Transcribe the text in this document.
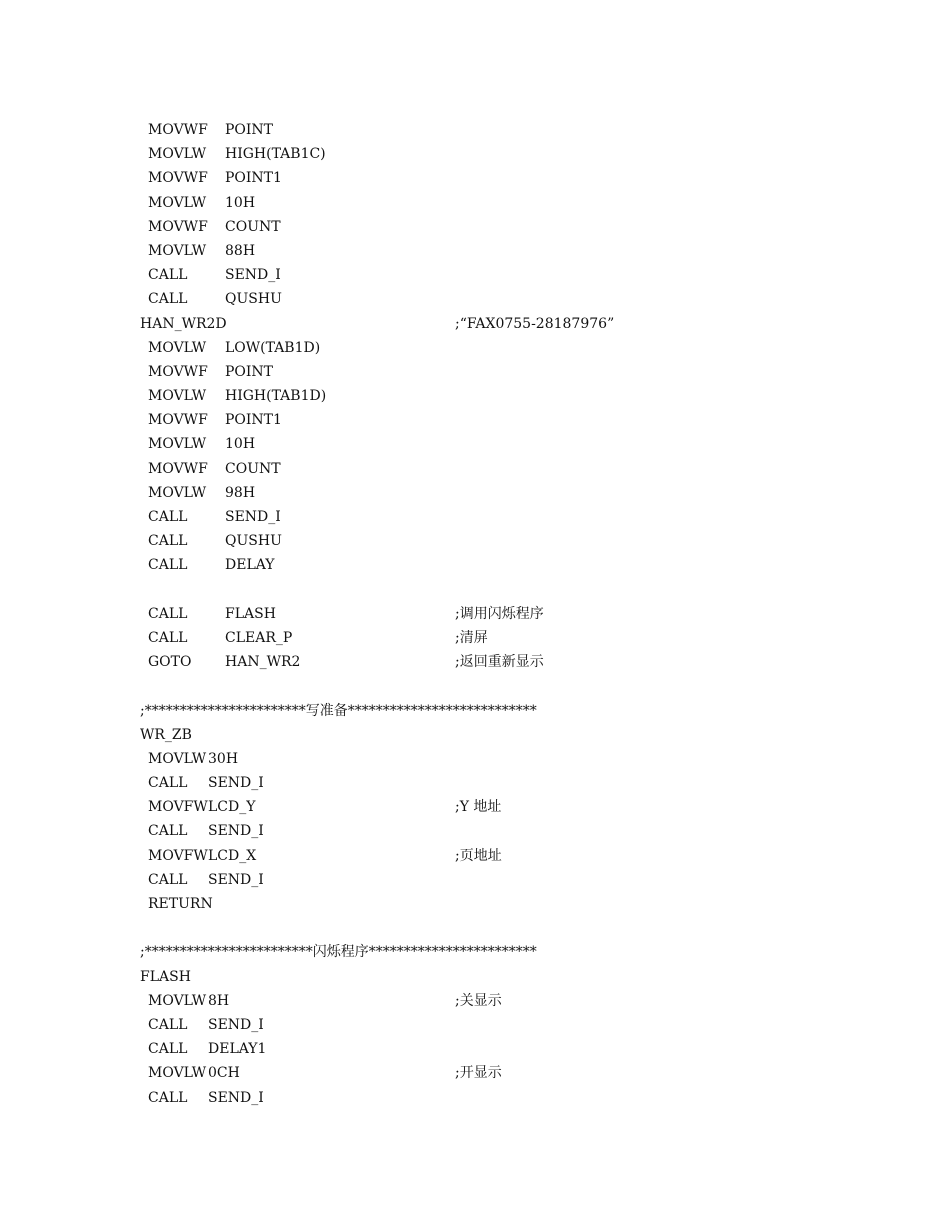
MOVWF POINT
MOVLW HIGH(TAB1C)
MOVWF POINT1
MOVLW 10H
MOVWF COUNT
MOVLW 88H
CALL	SEND_I
CALL	QUSHU
HAN_WR2D	;“FAX0755-28187976”
MOVLW LOW(TAB1D)
MOVWF POINT
MOVLW HIGH(TAB1D)
MOVWF POINT1
MOVLW 10H
MOVWF COUNT
MOVLW 98H
CALL	SEND_I
CALL	QUSHU
CALL	DELAY
CALL	FLASH	;调用闪烁程序
CALL	CLEAR_P	;清屏
GOTO HAN_WR2	;返回重新显示
;***********************写准备***************************
WR_ZB
MOVLW 30H
CALL SEND_I
MOVFW LCD_Y	;Y 地址
CALL SEND_I
MOVFW LCD_X	;页地址
CALL SEND_I
RETURN
;************************闪烁程序************************
FLASH
MOVLW 8H	;关显示
CALL SEND_I
CALL DELAY1
MOVLW 0CH	;开显示
CALL SEND_I
